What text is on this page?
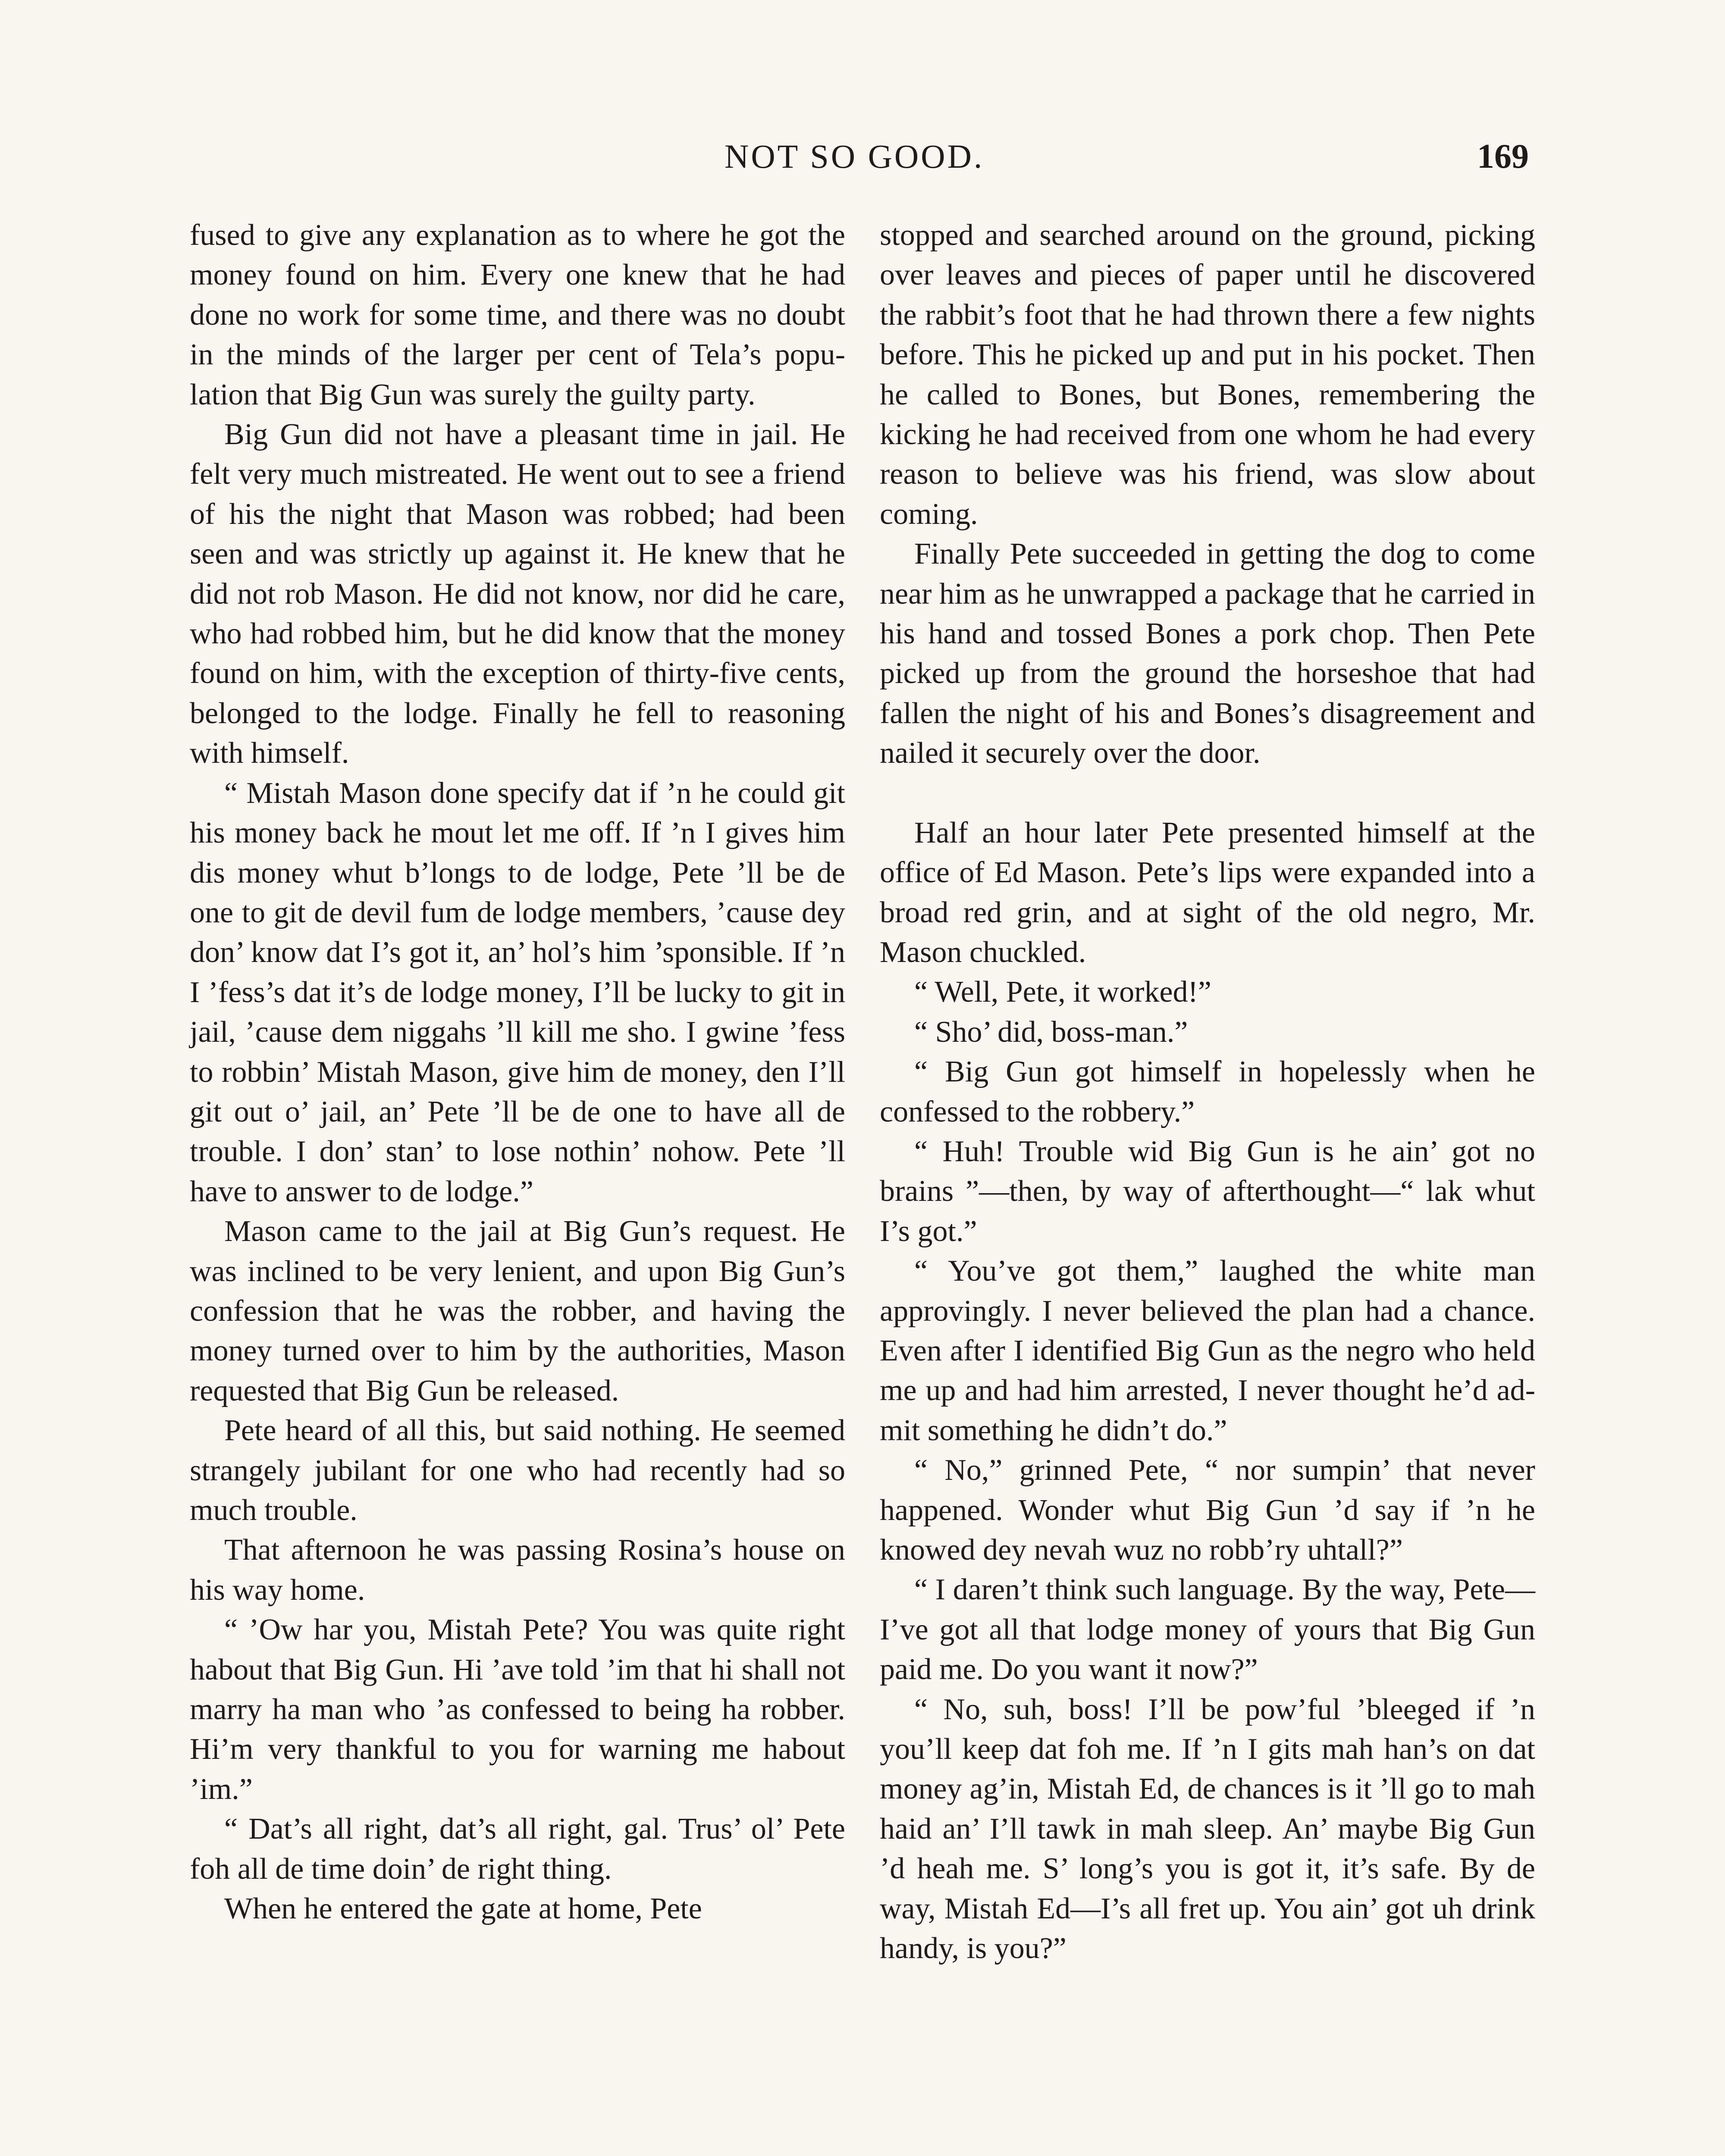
NOT SO GOOD.	169

fused to give any explanation as to where he got the money found on him. Every one knew that he had done no work for some time, and there was no doubt in the minds of the larger per cent of Tela’s population that Big Gun was surely the guilty party.

Big Gun did not have a pleasant time in jail. He felt very much mistreated. He went out to see a friend of his the night that Mason was robbed; had been seen and was strictly up against it. He knew that he did not rob Mason. He did not know, nor did he care, who had robbed him, but he did know that the money found on him, with the exception of thirty-five cents, belonged to the lodge. Finally he fell to reasoning with himself.

“ Mistah Mason done specify dat if ’n he could git his money back he mout let me off. If ’n I gives him dis money whut b’longs to de lodge, Pete ’ll be de one to git de devil fum de lodge members, ’cause dey don’ know dat I’s got it, an’ hol’s him ’sponsible. If ’n I ’fess’s dat it’s de lodge money, I’ll be lucky to git in jail, ’cause dem niggahs ’ll kill me sho. I gwine ’fess to robbin’ Mistah Mason, give him de money, den I’ll git out o’ jail, an’ Pete ’ll be de one to have all de trouble. I don’ stan’ to lose nothin’ nohow. Pete ’ll have to answer to de lodge.”

Mason came to the jail at Big Gun’s request. He was inclined to be very lenient, and upon Big Gun’s confession that he was the robber, and having the money turned over to him by the authorities, Mason requested that Big Gun be released.

Pete heard of all this, but said nothing. He seemed strangely jubilant for one who had recently had so much trouble.

That afternoon he was passing Rosina’s house on his way home.

“ ’Ow har you, Mistah Pete? You was quite right habout that Big Gun. Hi ’ave told ’im that hi shall not marry ha man who ’as confessed to being ha robber. Hi’m very thankful to you for warning me habout ’im.”

“ Dat’s all right, dat’s all right, gal. Trus’ ol’ Pete foh all de time doin’ de right thing.

When he entered the gate at home, Pete

stopped and searched around on the ground, picking over leaves and pieces of paper until he discovered the rabbit’s foot that he had thrown there a few nights before. This he picked up and put in his pocket. Then he called to Bones, but Bones, remembering the kicking he had received from one whom he had every reason to believe was his friend, was slow about coming.

Finally Pete succeeded in getting the dog to come near him as he unwrapped a package that he carried in his hand and tossed Bones a pork chop. Then Pete picked up from the ground the horseshoe that had fallen the night of his and Bones’s disagreement and nailed it securely over the door.

Half an hour later Pete presented himself at the office of Ed Mason. Pete’s lips were expanded into a broad red grin, and at sight of the old negro, Mr. Mason chuckled.

“ Well, Pete, it worked!”

“ Sho’ did, boss-man.”

“ Big Gun got himself in hopelessly when he confessed to the robbery.”

“ Huh! Trouble wid Big Gun is he ain’ got no brains ”—then, by way of afterthought—“ lak whut I’s got.”

“ You’ve got them,” laughed the white man approvingly. I never believed the plan had a chance. Even after I identified Big Gun as the negro who held me up and had him arrested, I never thought he’d admit something he didn’t do.”

“ No,” grinned Pete, “ nor sumpin’ that never happened. Wonder whut Big Gun ’d say if ’n he knowed dey nevah wuz no robb’ry uhtall?”

“ I daren’t think such language. By the way, Pete—I’ve got all that lodge money of yours that Big Gun paid me. Do you want it now?”

“ No, suh, boss! I’ll be pow’ful ’bleeged if ’n you’ll keep dat foh me. If ’n I gits mah han’s on dat money ag’in, Mistah Ed, de chances is it ’ll go to mah haid an’ I’ll tawk in mah sleep. An’ maybe Big Gun ’d heah me. S’ long’s you is got it, it’s safe. By de way, Mistah Ed—I’s all fret up. You ain’ got uh drink handy, is you?”
